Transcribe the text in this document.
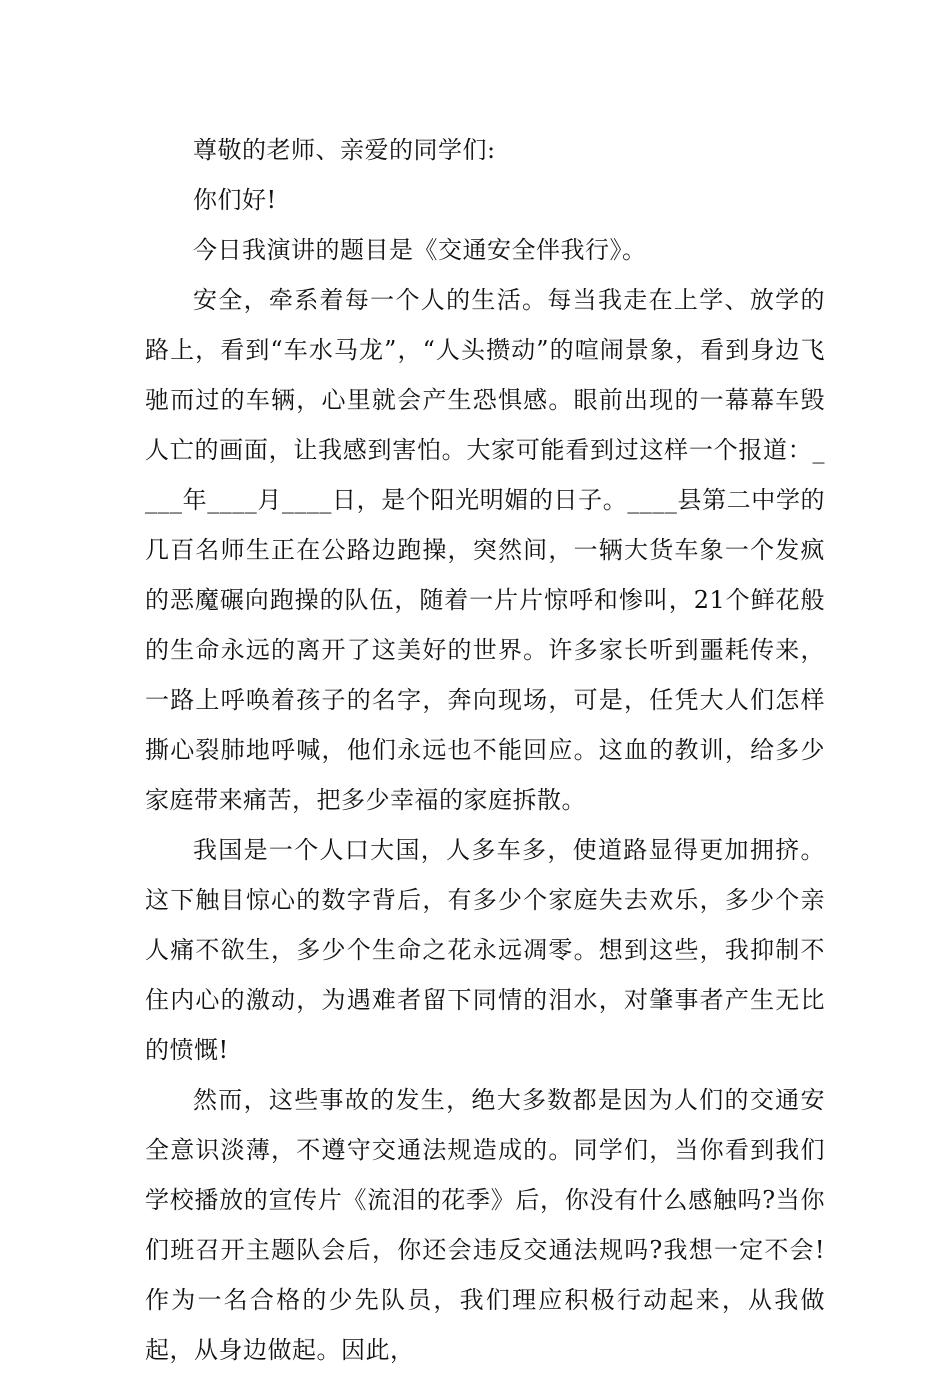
尊敬的老师、亲爱的同学们:

你们好!

今日我演讲的题目是《交通安全伴我行》。

安全，牵系着每一个人的生活。每当我走在上学、放学的路上，看到“车水马龙”，“人头攒动”的喧闹景象，看到身边飞驰而过的车辆，心里就会产生恐惧感。眼前出现的一幕幕车毁人亡的画面，让我感到害怕。大家可能看到过这样一个报道：____年____月____日，是个阳光明媚的日子。____县第二中学的几百名师生正在公路边跑操，突然间，一辆大货车象一个发疯的恶魔碾向跑操的队伍，随着一片片惊呼和惨叫，21个鲜花般的生命永远的离开了这美好的世界。许多家长听到噩耗传来，一路上呼唤着孩子的名字，奔向现场，可是，任凭大人们怎样撕心裂肺地呼喊，他们永远也不能回应。这血的教训，给多少家庭带来痛苦，把多少幸福的家庭拆散。

我国是一个人口大国，人多车多，使道路显得更加拥挤。这下触目惊心的数字背后，有多少个家庭失去欢乐，多少个亲人痛不欲生，多少个生命之花永远凋零。想到这些，我抑制不住内心的激动，为遇难者留下同情的泪水，对肇事者产生无比的愤慨!

然而，这些事故的发生，绝大多数都是因为人们的交通安全意识淡薄，不遵守交通法规造成的。同学们，当你看到我们学校播放的宣传片《流泪的花季》后，你没有什么感触吗?当你们班召开主题队会后，你还会违反交通法规吗?我想一定不会!作为一名合格的少先队员，我们理应积极行动起来，从我做起，从身边做起。因此，
